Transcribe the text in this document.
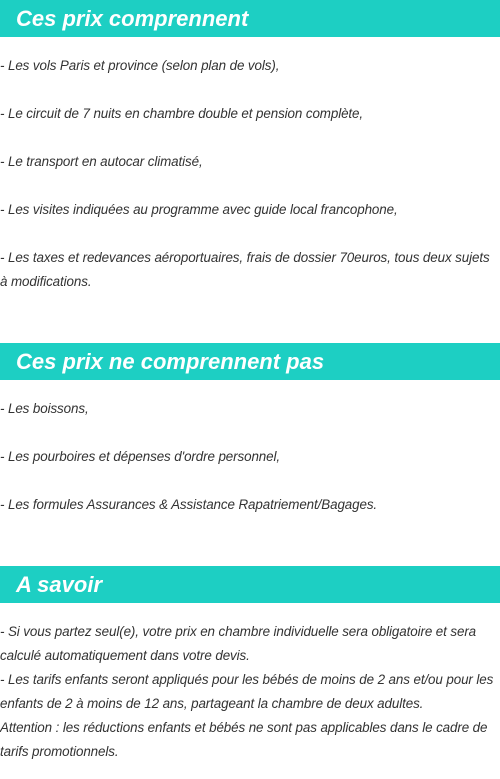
Ces prix comprennent

- Les vols Paris et province (selon plan de vols),

- Le circuit de 7 nuits en chambre double et pension complète,

- Le transport en autocar climatisé,

- Les visites indiquées au programme avec guide local francophone,

- Les taxes et redevances aéroportuaires, frais de dossier 70euros, tous deux sujets à modifications.

Ces prix ne comprennent pas

- Les boissons,

- Les pourboires et dépenses d'ordre personnel,

- Les formules Assurances & Assistance Rapatriement/Bagages.

A savoir

- Si vous partez seul(e), votre prix en chambre individuelle sera obligatoire et sera calculé automatiquement dans votre devis.

- Les tarifs enfants seront appliqués pour les bébés de moins de 2 ans et/ou pour les enfants de 2 à moins de 12 ans, partageant la chambre de deux adultes.

Attention : les réductions enfants et bébés ne sont pas applicables dans le cadre de tarifs promotionnels.
